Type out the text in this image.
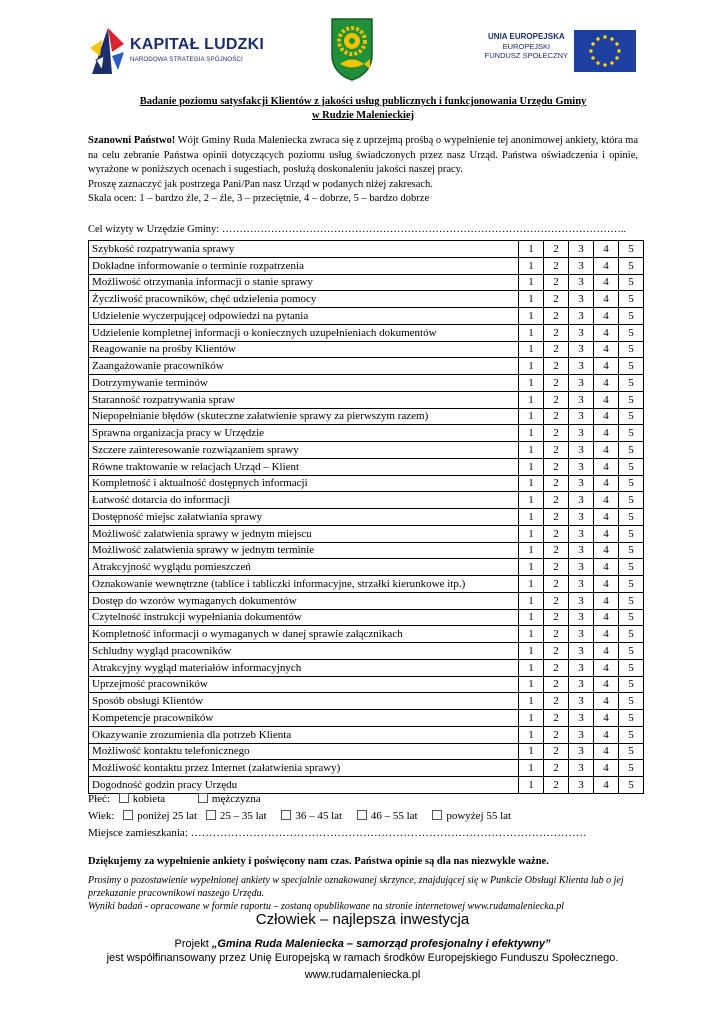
KAPITAŁ LUDZKI
NARODOWA STRATEGIA SPÓJNOŚCI
UNIA EUROPEJSKA
EUROPEJSKI
FUNDUSZ SPOŁECZNY
Badanie poziomu satysfakcji Klientów z jakości usług publicznych i funkcjonowania Urzędu Gminy
w Rudzie Malenieckiej

Szanowni Państwo! Wójt Gminy Ruda Maleniecka zwraca się z uprzejmą prośbą o wypełnienie tej anonimowej ankiety, która ma na celu zebranie Państwa opinii dotyczących poziomu usług świadczonych przez nasz Urząd. Państwa oświadczenia i opinie, wyrażone w poniższych ocenach i sugestiach, posłużą doskonaleniu jakości naszej pracy.

Proszę zaznaczyć jak postrzega Pani/Pan nasz Urząd w podanych niżej zakresach.

Skala ocen: 1 – bardzo źle, 2 – źle, 3 – przeciętnie, 4 – dobrze, 5 – bardzo dobrze

Cel wizyty w Urzędzie Gminy: ……………………………………………………………………………………………………..
Szybkość rozpatrywania sprawy	1	2	3	4	5
Dokładne informowanie o terminie rozpatrzenia	1	2	3	4	5
Możliwość otrzymania informacji o stanie sprawy	1	2	3	4	5
Życzliwość pracowników, chęć udzielenia pomocy	1	2	3	4	5
Udzielenie wyczerpującej odpowiedzi na pytania	1	2	3	4	5
Udzielenie kompletnej informacji o koniecznych uzupełnieniach dokumentów	1	2	3	4	5
Reagowanie na prośby Klientów	1	2	3	4	5
Zaangażowanie pracowników	1	2	3	4	5
Dotrzymywanie terminów	1	2	3	4	5
Staranność rozpatrywania spraw	1	2	3	4	5
Niepopełnianie błędów (skuteczne załatwienie sprawy za pierwszym razem)	1	2	3	4	5
Sprawna organizacja pracy w Urzędzie	1	2	3	4	5
Szczere zainteresowanie rozwiązaniem sprawy	1	2	3	4	5
Równe traktowanie w relacjach Urząd – Klient	1	2	3	4	5
Kompletność i aktualność dostępnych informacji	1	2	3	4	5
Łatwość dotarcia do informacji	1	2	3	4	5
Dostępność miejsc załatwiania sprawy	1	2	3	4	5
Możliwość załatwienia sprawy w jednym miejscu	1	2	3	4	5
Możliwość załatwienia sprawy w jednym terminie	1	2	3	4	5
Atrakcyjność wyglądu pomieszczeń	1	2	3	4	5
Oznakowanie wewnętrzne (tablice i tabliczki informacyjne, strzałki kierunkowe itp.)	1	2	3	4	5
Dostęp do wzorów wymaganych dokumentów	1	2	3	4	5
Czytelność instrukcji wypełniania dokumentów	1	2	3	4	5
Kompletność informacji o wymaganych w danej sprawie załącznikach	1	2	3	4	5
Schludny wygląd pracowników	1	2	3	4	5
Atrakcyjny wygląd materiałów informacyjnych	1	2	3	4	5
Uprzejmość pracowników	1	2	3	4	5
Sposób obsługi Klientów	1	2	3	4	5
Kompetencje pracowników	1	2	3	4	5
Okazywanie zrozumienia dla potrzeb Klienta	1	2	3	4	5
Możliwość kontaktu telefonicznego	1	2	3	4	5
Możliwość kontaktu przez Internet (załatwienia sprawy)	1	2	3	4	5
Dogodność godzin pracy Urzędu	1	2	3	4	5
Płeć: kobieta	mężczyzna
Wiek: poniżej 25 lat 25 – 35 lat	36 – 45 lat	46 – 55 lat	powyżej 55 lat
Miejsce zamieszkania: ………………………………………………………………………………………………
Dziękujemy za wypełnienie ankiety i poświęcony nam czas. Państwa opinie są dla nas niezwykle ważne.

Prosimy o pozostawienie wypełnionej ankiety w specjalnie oznakowanej skrzynce, znajdującej się w Punkcie Obsługi Klienta lub o jej przekazanie pracownikowi naszego Urzędu.

Wyniki badań - opracowane w formie raportu – zostaną opublikowane na stronie internetowej www.rudamaleniecka.pl

Człowiek – najlepsza inwestycja
Projekt „Gmina Ruda Maleniecka – samorząd profesjonalny i efektywny”
jest współfinansowany przez Unię Europejską w ramach środków Europejskiego Funduszu Społecznego.
www.rudamaleniecka.pl
